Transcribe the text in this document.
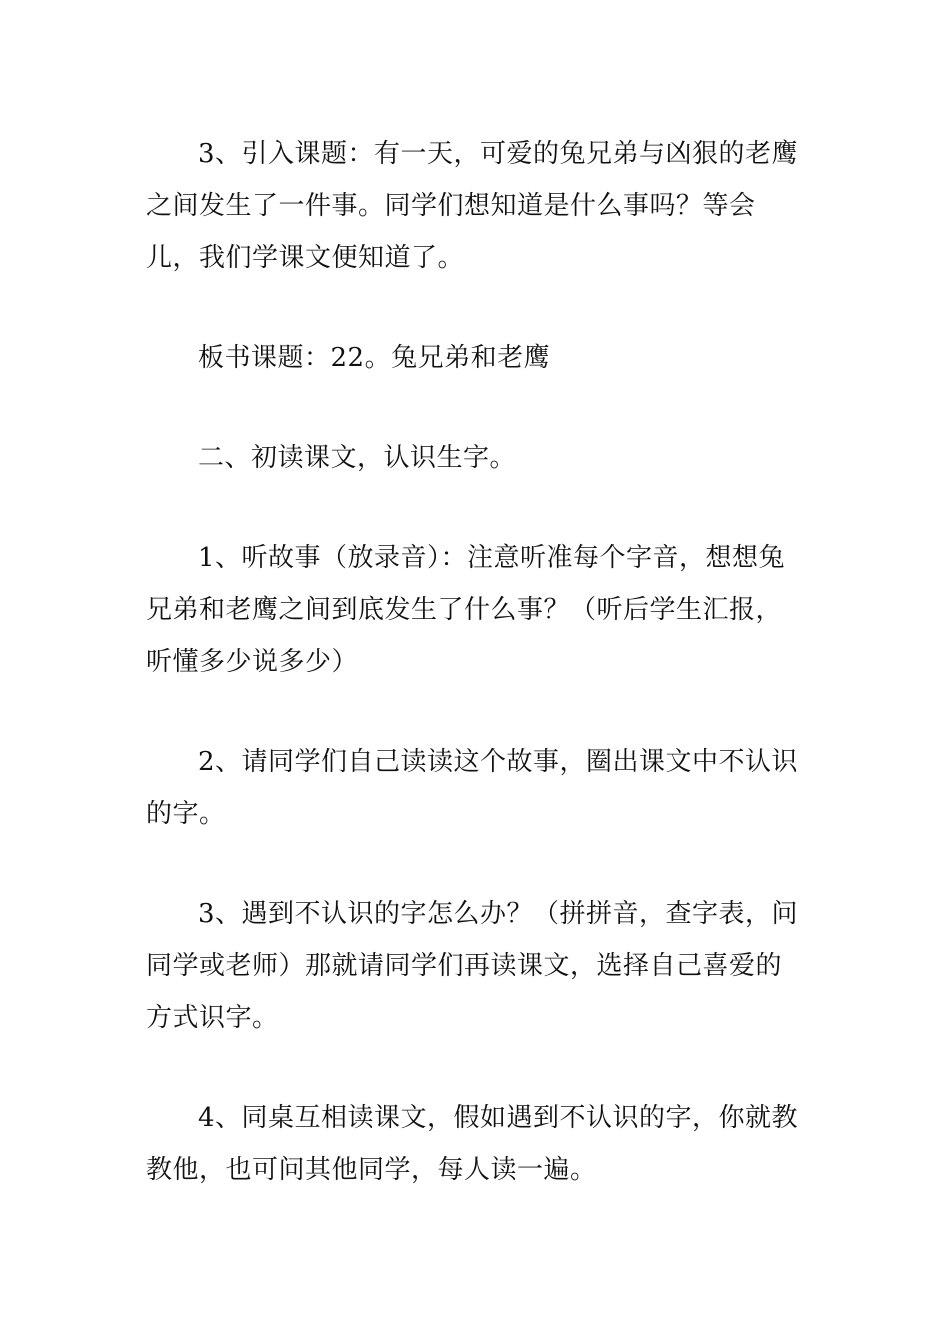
3、引入课题：有一天，可爱的兔兄弟与凶狠的老鹰之间发生了一件事。同学们想知道是什么事吗？等会儿，我们学课文便知道了。

板书课题：22。兔兄弟和老鹰

二、初读课文，认识生字。

1、听故事（放录音）：注意听准每个字音，想想兔兄弟和老鹰之间到底发生了什么事？（听后学生汇报，听懂多少说多少）

2、请同学们自己读读这个故事，圈出课文中不认识的字。

3、遇到不认识的字怎么办？（拼拼音，查字表，问同学或老师）那就请同学们再读课文，选择自己喜爱的方式识字。

4、同桌互相读课文，假如遇到不认识的字，你就教教他，也可问其他同学，每人读一遍。
